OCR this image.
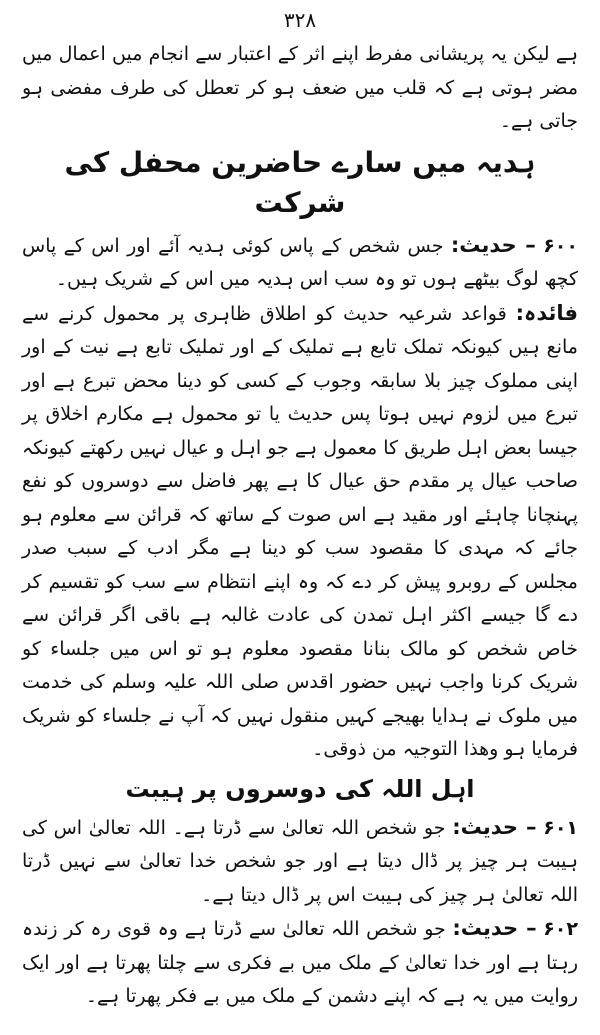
۳۲۸

ہے لیکن یہ پریشانی مفرط اپنے اثر کے اعتبار سے انجام میں اعمال میں مضر ہوتی ہے کہ قلب میں ضعف ہو کر تعطل کی طرف مفضی ہو جاتی ہے۔

ہدیہ میں سارے حاضرین محفل کی شرکت

۶۰۰ – حدیث: جس شخص کے پاس کوئی ہدیہ آئے اور اس کے پاس کچھ لوگ بیٹھے ہوں تو وہ سب اس ہدیہ میں اس کے شریک ہیں۔

فائدہ: قواعد شرعیہ حدیث کو اطلاق ظاہری پر محمول کرنے سے مانع ہیں کیونکہ تملک تابع ہے تملیک کے اور تملیک تابع ہے نیت کے اور اپنی مملوک چیز بلا سابقہ وجوب کے کسی کو دینا محض تبرع ہے اور تبرع میں لزوم نہیں ہوتا پس حدیث یا تو محمول ہے مکارم اخلاق پر جیسا بعض اہل طریق کا معمول ہے جو اہل و عیال نہیں رکھتے کیونکہ صاحب عیال پر مقدم حق عیال کا ہے پھر فاضل سے دوسروں کو نفع پہنچانا چاہئے اور مقید ہے اس صوت کے ساتھ کہ قرائن سے معلوم ہو جائے کہ مہدی کا مقصود سب کو دینا ہے مگر ادب کے سبب صدر مجلس کے روبرو پیش کر دے کہ وہ اپنے انتظام سے سب کو تقسیم کر دے گا جیسے اکثر اہل تمدن کی عادت غالبہ ہے باقی اگر قرائن سے خاص شخص کو مالک بنانا مقصود معلوم ہو تو اس میں جلساء کو شریک کرنا واجب نہیں حضور اقدس صلی اللہ علیہ وسلم کی خدمت میں ملوک نے ہدایا بھیجے کہیں منقول نہیں کہ آپ نے جلساء کو شریک فرمایا ہو وھذا التوجیہ من ذوقی۔

اہل اللہ کی دوسروں پر ہیبت

۶۰۱ – حدیث: جو شخص اللہ تعالیٰ سے ڈرتا ہے۔ اللہ تعالیٰ اس کی ہیبت ہر چیز پر ڈال دیتا ہے اور جو شخص خدا تعالیٰ سے نہیں ڈرتا اللہ تعالیٰ ہر چیز کی ہیبت اس پر ڈال دیتا ہے۔

۶۰۲ – حدیث: جو شخص اللہ تعالیٰ سے ڈرتا ہے وہ قوی رہ کر زندہ رہتا ہے اور خدا تعالیٰ کے ملک میں بے فکری سے چلتا پھرتا ہے اور ایک روایت میں یہ ہے کہ اپنے دشمن کے ملک میں بے فکر پھرتا ہے۔
